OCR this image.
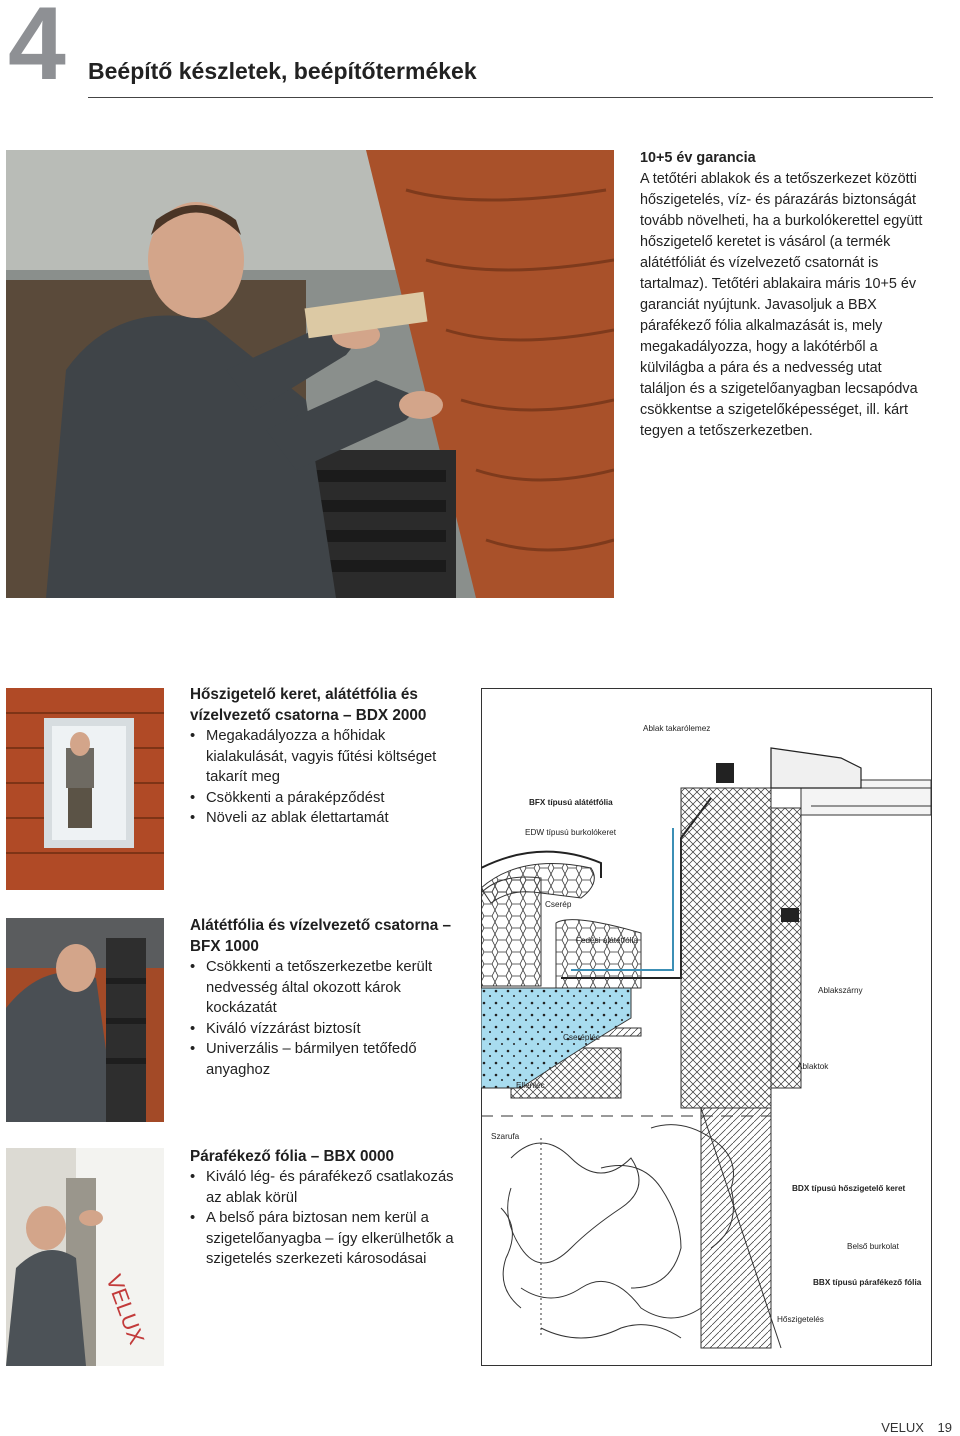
4 Beépítő készletek, beépítőtermékek

10+5 év garancia

A tetőtéri ablakok és a tetőszerkezet közötti hőszigetelés, víz- és párazárás biztonságát tovább növelheti, ha a burkolókerettel együtt hőszigetelő keretet is vásárol (a termék alátétfóliát és vízelvezető csatornát is tartalmaz). Tetőtéri ablakaira máris 10+5 év garanciát nyújtunk. Javasoljuk a BBX párafékező fólia alkalmazását is, mely megakadályozza, hogy a lakótérből a külvilágba a pára és a nedvesség utat találjon és a szigetelőanyagban lecsapódva csökkentse a szigetelőképességet, ill. kárt tegyen a tetőszerkezetben.

VELUX
Hőszigetelő keret, alátétfólia és vízelvezető csatorna – BDX 2000
• Megakadályozza a hőhidak kialakulását, vagyis fűtési költséget takarít meg
• Csökkenti a páraképződést
• Növeli az ablak élettartamát
Alátétfólia és vízelvezető csatorna – BFX 1000
• Csökkenti a tetőszerkezetbe került nedvesség által okozott károk kockázatát
• Kiváló vízzárást biztosít
• Univerzális – bármilyen tetőfedő anyaghoz
Párafékező fólia – BBX 0000
• Kiváló lég- és párafékező csatlakozás az ablak körül
• A belső pára biztosan nem kerül a szigetelőanyagba – így elkerülhetők a szigetelés szerkezeti károsodásai
Ablak takarólemez
BFX típusú alátétfólia
EDW típusú burkolókeret
Cserép
Fedési alátétfólia
Ablakszárny
Cserépléc
Ablaktok
Ellenléc
Szarufa
BDX típusú hőszigetelő keret
Belső burkolat
BBX típusú párafékező fólia
Hőszigetelés
VELUX 19
